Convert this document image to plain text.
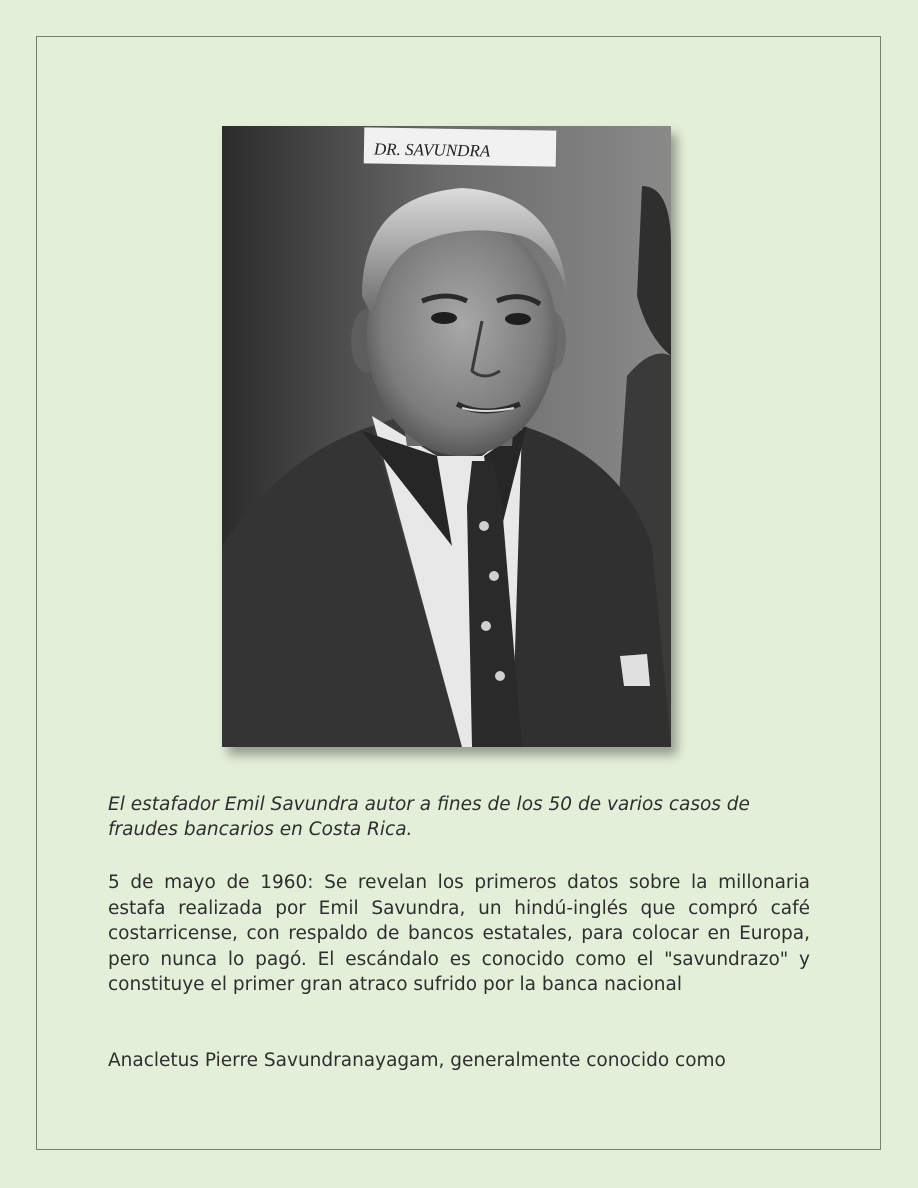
DR. SAVUNDRA

El estafador Emil Savundra autor a fines de los 50 de varios casos de fraudes bancarios en Costa Rica.

5 de mayo de 1960: Se revelan los primeros datos sobre la millonaria estafa realizada por Emil Savundra, un hindú-inglés que compró café costarricense, con respaldo de bancos estatales, para colocar en Europa, pero nunca lo pagó. El escándalo es conocido como el "savundrazo" y constituye el primer gran atraco sufrido por la banca nacional

Anacletus Pierre Savundranayagam, generalmente conocido como
